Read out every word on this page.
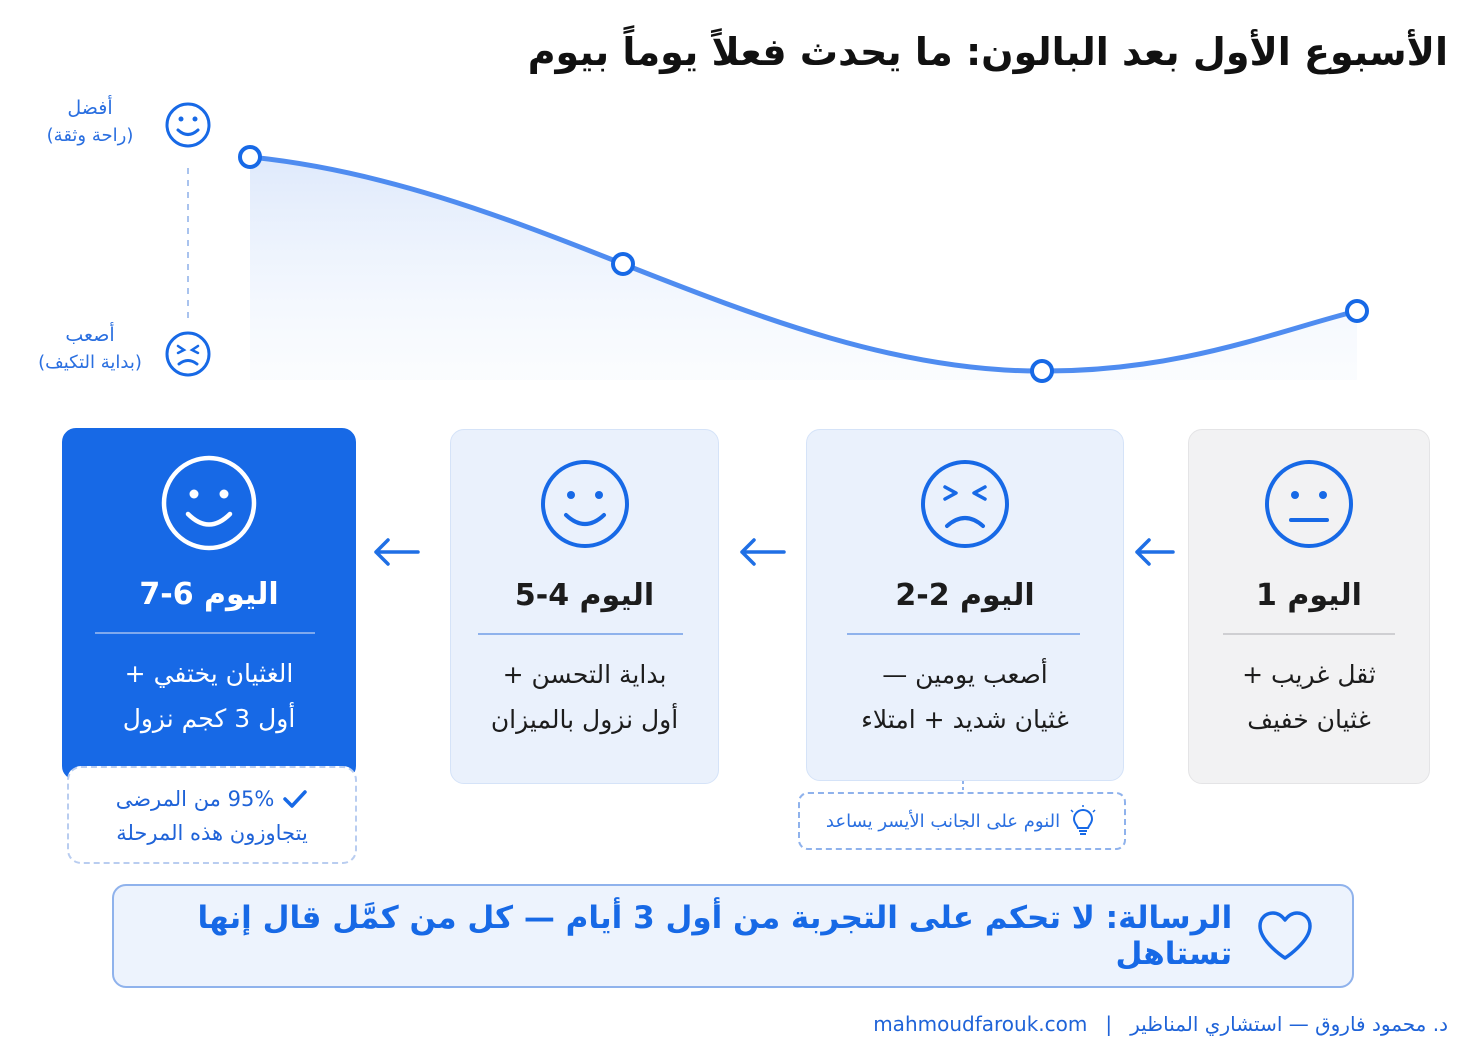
الأسبوع الأول بعد البالون: ما يحدث فعلاً يوماً بيوم
أفضل
(راحة وثقة)
أصعب
(بداية التكيف)
اليوم 1
ثقل غريب +
غثيان خفيف
اليوم 2-2
أصعب يومين —
غثيان شديد + امتلاء
اليوم 4-5
بداية التحسن +
أول نزول بالميزان
اليوم 6-7
الغثيان يختفي +
أول 3 كجم نزول
النوم على الجانب الأيسر يساعد
95% من المرضى
يتجاوزون هذه المرحلة
الرسالة: لا تحكم على التجربة من أول 3 أيام — كل من كمَّل قال إنها تستاهل
د. محمود فاروق — استشاري المناظير
|
mahmoudfarouk.com
